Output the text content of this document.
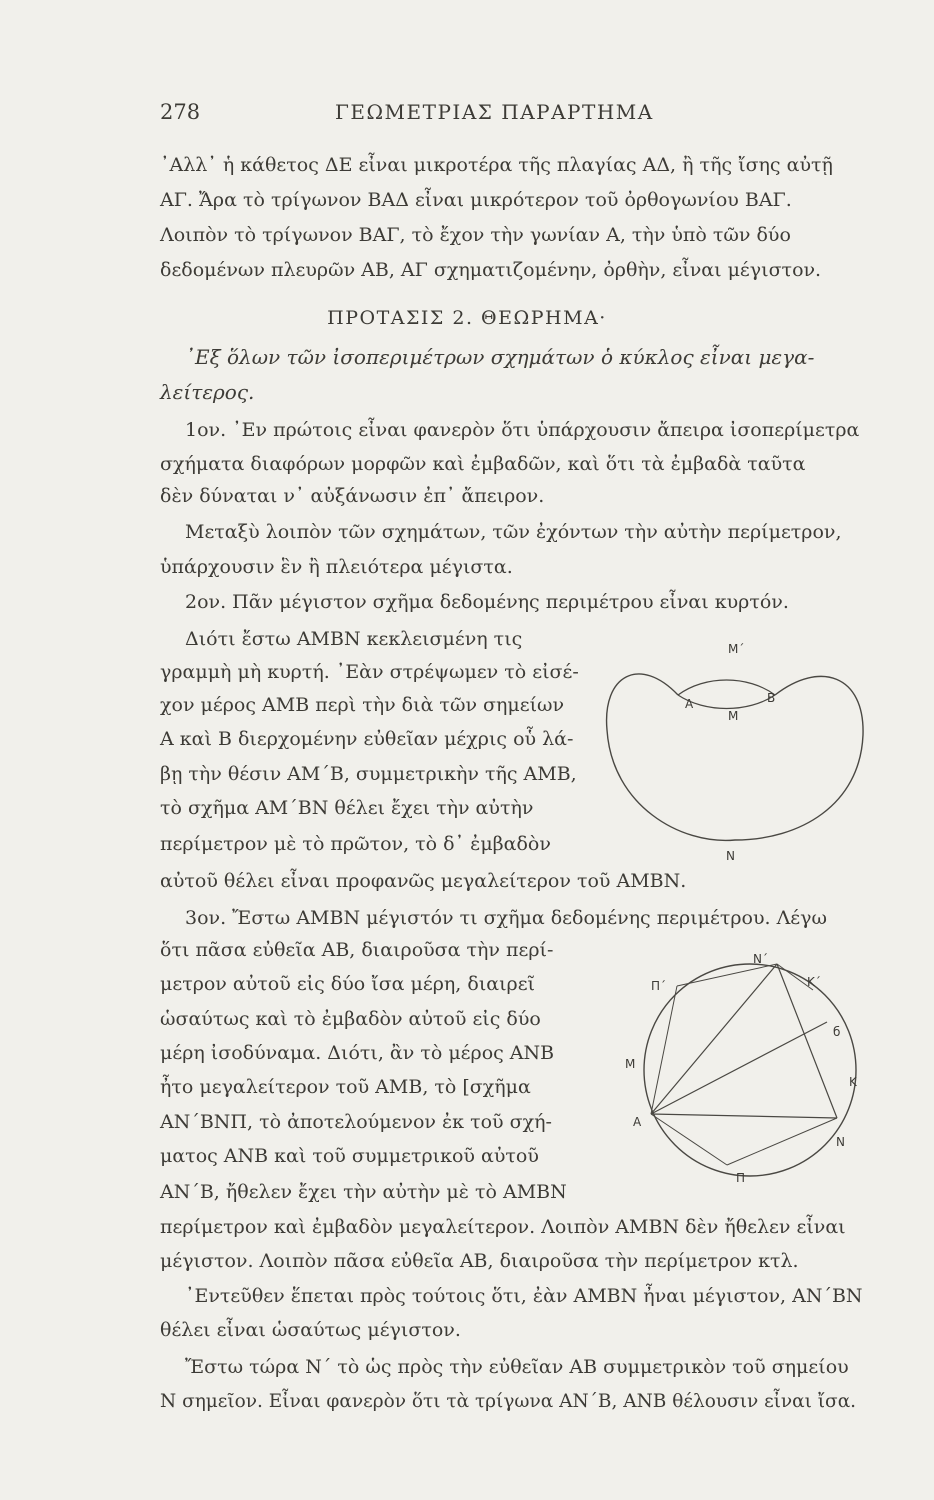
278	ΓΕΩΜΕΤΡΙΑΣ ΠΑΡΑΡΤΗΜΑ
᾿Αλλ᾿ ἡ κάθετος ΔΕ εἶναι μικροτέρα τῆς πλαγίας ΑΔ, ἢ τῆς ἴσης αὐτῇ
ΑΓ. Ἄρα τὸ τρίγωνον ΒΑΔ εἶναι μικρότερον τοῦ ὀρθογωνίου ΒΑΓ.
Λοιπὸν τὸ τρίγωνον ΒΑΓ, τὸ ἔχον τὴν γωνίαν Α, τὴν ὑπὸ τῶν δύο
δεδομένων πλευρῶν ΑΒ, ΑΓ σχηματιζομένην, ὀρθὴν, εἶναι μέγιστον.
ΠΡΟΤΑΣΙΣ 2. ΘΕΩΡΗΜΑ·
᾿Εξ ὅλων τῶν ἰσοπεριμέτρων σχημάτων ὁ κύκλος εἶναι μεγα-
λείτερος.
1ον. ᾿Εν πρώτοις εἶναι φανερὸν ὅτι ὑπάρχουσιν ἄπειρα ἰσοπερίμετρα
σχήματα διαφόρων μορφῶν καὶ ἐμβαδῶν, καὶ ὅτι τὰ ἐμβαδὰ ταῦτα
δὲν δύναται ν᾿ αὐξάνωσιν ἐπ᾿ ἄπειρον.
Μεταξὺ λοιπὸν τῶν σχημάτων, τῶν ἐχόντων τὴν αὐτὴν περίμετρον,
ὑπάρχουσιν ἓν ἢ πλειότερα μέγιστα.
2ον. Πᾶν μέγιστον σχῆμα δεδομένης περιμέτρου εἶναι κυρτόν.
Διότι ἔστω ΑΜΒΝ κεκλεισμένη τις
γραμμὴ μὴ κυρτή. ᾿Εὰν στρέψωμεν τὸ εἰσέ-
χον μέρος ΑΜΒ περὶ τὴν διὰ τῶν σημείων
Α καὶ Β διερχομένην εὐθεῖαν μέχρις οὗ λά-
βῃ τὴν θέσιν ΑΜ΄Β, συμμετρικὴν τῆς ΑΜΒ,
τὸ σχῆμα ΑΜ΄ΒΝ θέλει ἔχει τὴν αὐτὴν
περίμετρον μὲ τὸ πρῶτον, τὸ δ᾿ ἐμβαδὸν
αὐτοῦ θέλει εἶναι προφανῶς μεγαλείτερον τοῦ ΑΜΒΝ.
M΄
A
M
B
N
3ον. Ἔστω ΑΜΒΝ μέγιστόν τι σχῆμα δεδομένης περιμέτρου. Λέγω
ὅτι πᾶσα εὐθεῖα ΑΒ, διαιροῦσα τὴν περί-
μετρον αὐτοῦ εἰς δύο ἴσα μέρη, διαιρεῖ
ὡσαύτως καὶ τὸ ἐμβαδὸν αὐτοῦ εἰς δύο
μέρη ἰσοδύναμα. Διότι, ἂν τὸ μέρος ΑΝΒ
ἦτο μεγαλείτερον τοῦ ΑΜΒ, τὸ [σχῆμα
ΑΝ΄ΒΝΠ, τὸ ἀποτελούμενον ἐκ τοῦ σχή-
ματος ΑΝΒ καὶ τοῦ συμμετρικοῦ αὐτοῦ
ΑΝ΄Β, ἤθελεν ἔχει τὴν αὐτὴν μὲ τὸ ΑΜΒΝ
περίμετρον καὶ ἐμβαδὸν μεγαλείτερον. Λοιπὸν ΑΜΒΝ δὲν ἤθελεν εἶναι
μέγιστον. Λοιπὸν πᾶσα εὐθεῖα ΑΒ, διαιροῦσα τὴν περίμετρον κτλ.
N΄
K΄
Π΄
б
M
K
A
N
П
᾿Εντεῦθεν ἕπεται πρὸς τούτοις ὅτι, ἐὰν ΑΜΒΝ ἦναι μέγιστον, ΑΝ΄ΒΝ
θέλει εἶναι ὡσαύτως μέγιστον.
Ἔστω τώρα Ν΄ τὸ ὡς πρὸς τὴν εὐθεῖαν ΑΒ συμμετρικὸν τοῦ σημείου
Ν σημεῖον. Εἶναι φανερὸν ὅτι τὰ τρίγωνα ΑΝ΄Β, ΑΝΒ θέλουσιν εἶναι ἴσα.
